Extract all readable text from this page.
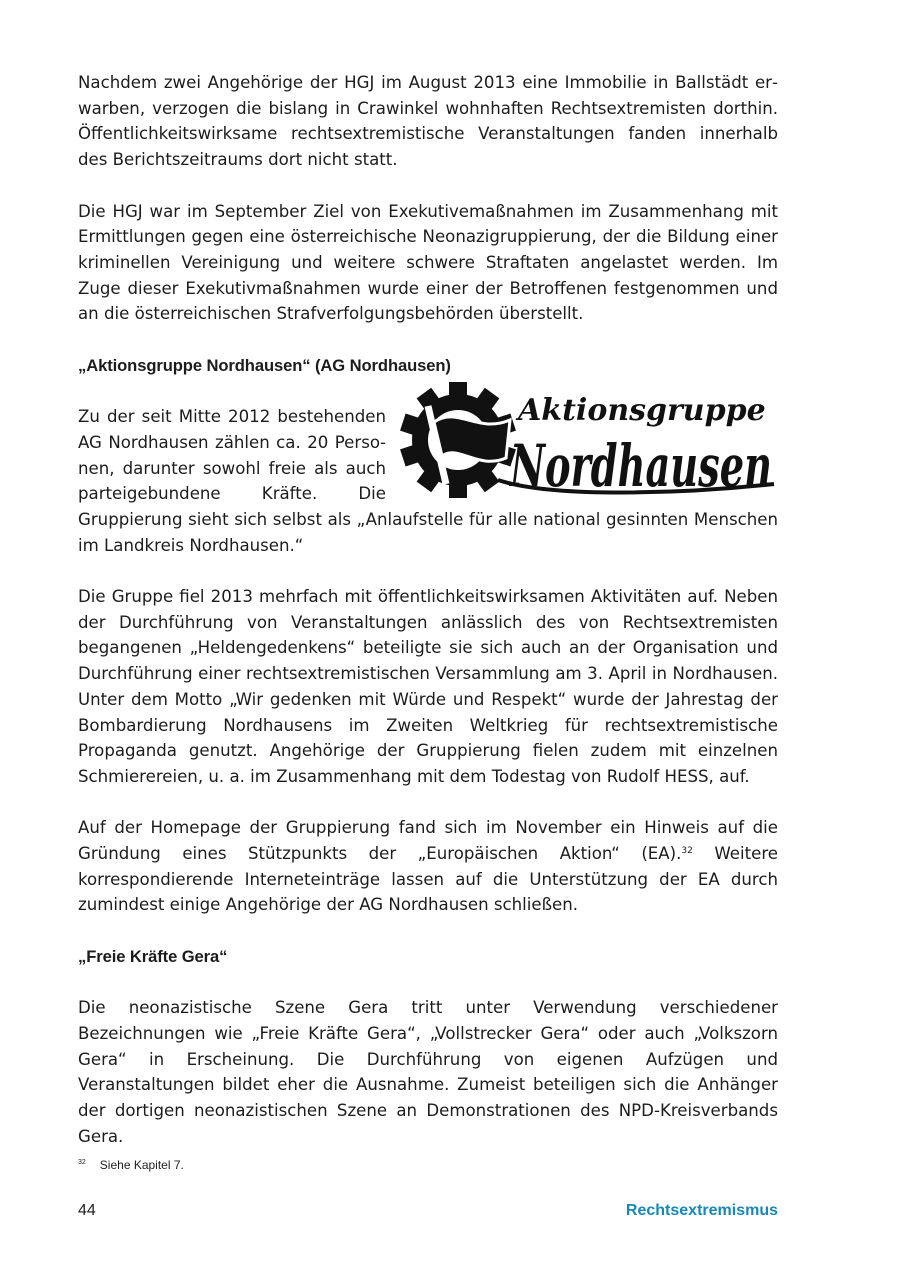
Nachdem zwei Angehörige der HGJ im August 2013 eine Immobilie in Ballstädt erwarben, verzogen die bislang in Crawinkel wohnhaften Rechtsextremisten dorthin. Öffentlichkeitswirksame rechtsextremistische Veranstaltungen fanden innerhalb des Berichtszeitraums dort nicht statt.

Die HGJ war im September Ziel von Exekutivemaßnahmen im Zusammenhang mit Ermittlungen gegen eine österreichische Neonazigruppierung, der die Bildung einer kriminellen Vereinigung und weitere schwere Straftaten angelastet werden. Im Zuge dieser Exekutivmaßnahmen wurde einer der Betroffenen festgenommen und an die österreichischen Strafverfolgungsbehörden überstellt.

„Aktionsgruppe Nordhausen“ (AG Nordhausen)
Aktionsgruppe
Nordhausen

Zu der seit Mitte 2012 bestehenden AG Nordhausen zählen ca. 20 Personen, darunter sowohl freie als auch parteigebundene Kräfte. Die Gruppierung sieht sich selbst als „Anlaufstelle für alle national gesinnten Menschen im Landkreis Nordhausen.“

Die Gruppe fiel 2013 mehrfach mit öffentlichkeitswirksamen Aktivitäten auf. Neben der Durchführung von Veranstaltungen anlässlich des von Rechtsextremisten begangenen „Heldengedenkens“ beteiligte sie sich auch an der Organisation und Durchführung einer rechtsextremistischen Versammlung am 3. April in Nordhausen. Unter dem Motto „Wir gedenken mit Würde und Respekt“ wurde der Jahrestag der Bombardierung Nordhausens im Zweiten Weltkrieg für rechtsextremistische Propaganda genutzt. Angehörige der Gruppierung fielen zudem mit einzelnen Schmierereien, u. a. im Zusammenhang mit dem Todestag von Rudolf HESS, auf.

Auf der Homepage der Gruppierung fand sich im November ein Hinweis auf die Gründung eines Stützpunkts der „Europäischen Aktion“ (EA).$^{32}$ Weitere korrespondierende Interneteinträge lassen auf die Unterstützung der EA durch zumindest einige Angehörige der AG Nordhausen schließen.

„Freie Kräfte Gera“

Die neonazistische Szene Gera tritt unter Verwendung verschiedener Bezeichnungen wie „Freie Kräfte Gera“, „Vollstrecker Gera“ oder auch „Volkszorn Gera“ in Erscheinung. Die Durchführung von eigenen Aufzügen und Veranstaltungen bildet eher die Ausnahme. Zumeist beteiligen sich die Anhänger der dortigen neonazistischen Szene an Demonstrationen des NPD-Kreisverbands Gera.

$^{32}$ Siehe Kapitel 7.
44	Rechtsextremismus
